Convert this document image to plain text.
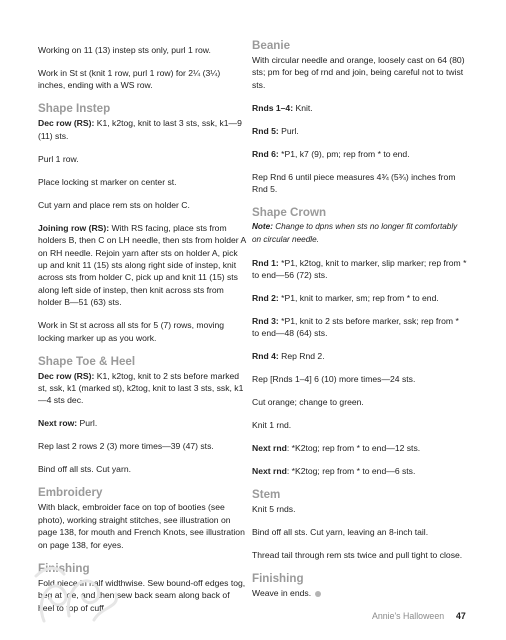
Working on 11 (13) instep sts only, purl 1 row.

Work in St st (knit 1 row, purl 1 row) for 2¼ (3¼) inches, ending with a WS row.

Shape Instep

Dec row (RS): K1, k2tog, knit to last 3 sts, ssk, k1—9 (11) sts.

Purl 1 row.

Place locking st marker on center st.

Cut yarn and place rem sts on holder C.

Joining row (RS): With RS facing, place sts from holders B, then C on LH needle, then sts from holder A on RH needle. Rejoin yarn after sts on holder A, pick up and knit 11 (15) sts along right side of instep, knit across sts from holder C, pick up and knit 11 (15) sts along left side of instep, then knit across sts from holder B—51 (63) sts.

Work in St st across all sts for 5 (7) rows, moving locking marker up as you work.

Shape Toe & Heel

Dec row (RS): K1, k2tog, knit to 2 sts before marked st, ssk, k1 (marked st), k2tog, knit to last 3 sts, ssk, k1—4 sts dec.

Next row: Purl.

Rep last 2 rows 2 (3) more times—39 (47) sts.

Bind off all sts. Cut yarn.

Embroidery

With black, embroider face on top of booties (see photo), working straight stitches, see illustration on page 138, for mouth and French Knots, see illustration on page 138, for eyes.

Finishing

Fold piece in half widthwise. Sew bound-off edges tog, beg at toe, and then sew back seam along back of heel to top of cuff.

Beanie

With circular needle and orange, loosely cast on 64 (80) sts; pm for beg of rnd and join, being careful not to twist sts.

Rnds 1–4: Knit.

Rnd 5: Purl.

Rnd 6: *P1, k7 (9), pm; rep from * to end.

Rep Rnd 6 until piece measures 4¾ (5¾) inches from Rnd 5.

Shape Crown

Note: Change to dpns when sts no longer fit comfortably on circular needle.

Rnd 1: *P1, k2tog, knit to marker, slip marker; rep from * to end—56 (72) sts.

Rnd 2: *P1, knit to marker, sm; rep from * to end.

Rnd 3: *P1, knit to 2 sts before marker, ssk; rep from * to end—48 (64) sts.

Rnd 4: Rep Rnd 2.

Rep [Rnds 1–4] 6 (10) more times—24 sts.

Cut orange; change to green.

Knit 1 rnd.

Next rnd: *K2tog; rep from * to end—12 sts.

Next rnd: *K2tog; rep from * to end—6 sts.

Stem

Knit 5 rnds.

Bind off all sts. Cut yarn, leaving an 8-inch tail.

Thread tail through rem sts twice and pull tight to close.

Finishing

Weave in ends.

Annie's Halloween 47
